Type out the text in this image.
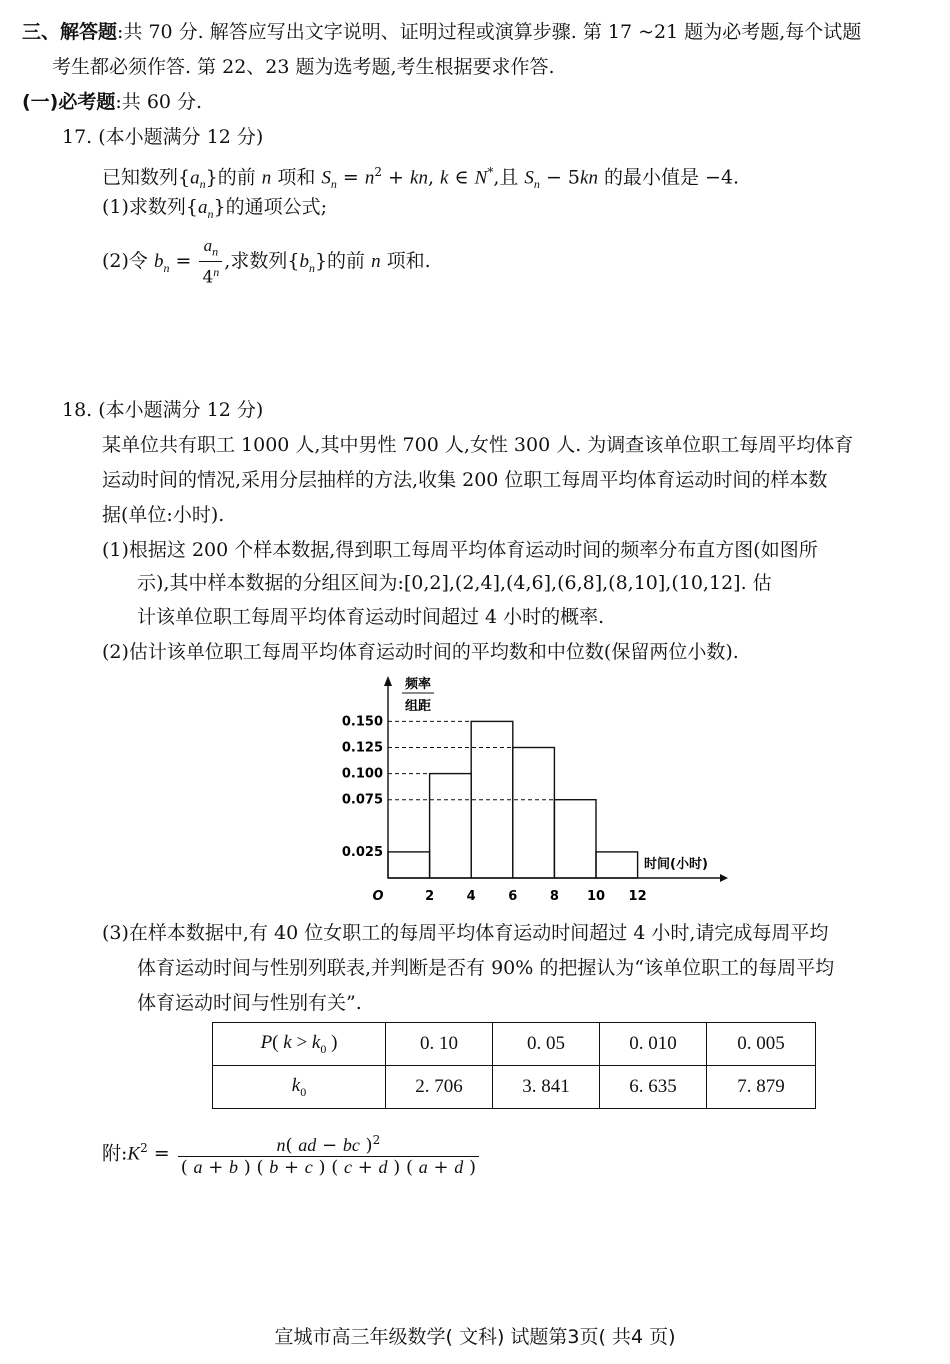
三、解答题:共 70 分. 解答应写出文字说明、证明过程或演算步骤. 第 17 ~21 题为必考题,每个试题
考生都必须作答. 第 22、23 题为选考题,考生根据要求作答.
(一)必考题:共 60 分.
17. (本小题满分 12 分)
已知数列$\{a_n\}$的前 n 项和 $S_n = n^2$ + kn, k ∈ N*,且 $S_n - 5kn$ 的最小值是 −4.
(1)求数列$\{a_n\}$的通项公式;
(2)令 $b_n = \frac{a_n}{4^n}$ ,求数列$\{b_n\}$的前 n 项和.
18. (本小题满分 12 分)
某单位共有职工 1000 人,其中男性 700 人,女性 300 人. 为调查该单位职工每周平均体育
运动时间的情况,采用分层抽样的方法,收集 200 位职工每周平均体育运动时间的样本数
据(单位:小时).
(1)根据这 200 个样本数据,得到职工每周平均体育运动时间的频率分布直方图(如图所
示),其中样本数据的分组区间为:[0,2],(2,4],(4,6],(6,8],(8,10],(10,12]. 估
计该单位职工每周平均体育运动时间超过 4 小时的概率.
(2)估计该单位职工每周平均体育运动时间的平均数和中位数(保留两位小数).
0.025
0.075
0.100
0.125
0.150
2	4	6	8 10 12
O
频率
组距
时间(小时)
(3)在样本数据中,有 40 位女职工的每周平均体育运动时间超过 4 小时,请完成每周平均
体育运动时间与性别列联表,并判断是否有 90% 的把握认为“该单位职工的每周平均
体育运动时间与性别有关”.
P( $k > k_0$ )	0. 10	0. 05	0. 010	0. 005
$k_0$	2. 706	3. 841	6. 635	7. 879
附$:K^2 = \frac{n( ad - bc )^2}{( a + b ) ( b + c ) ( c + d ) ( a + d )}$
宣城市高三年级数学( 文科) 试题第3页( 共4 页)
